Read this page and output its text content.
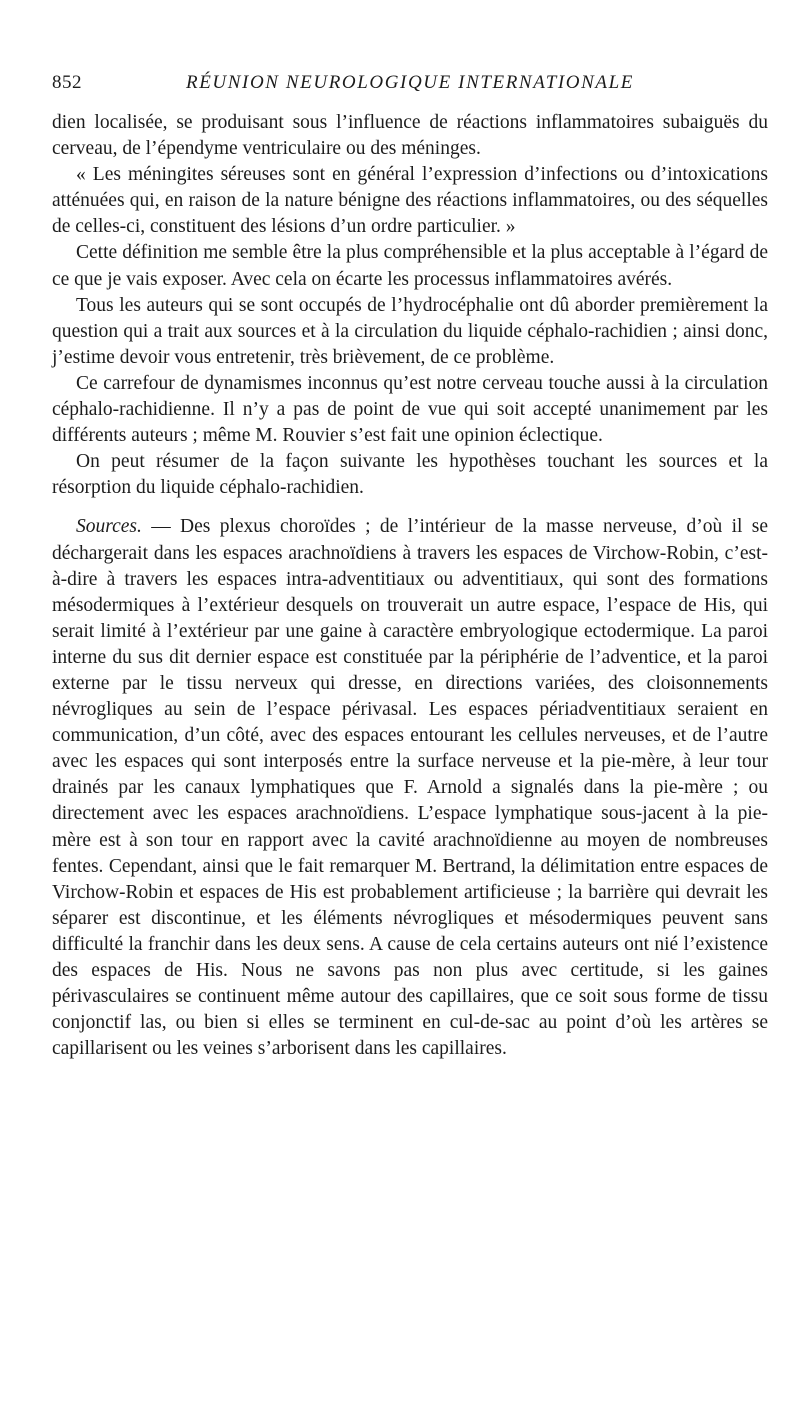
852	RÉUNION NEUROLOGIQUE INTERNATIONALE

dien localisée, se produisant sous l’influence de réactions inflammatoires subaiguës du cerveau, de l’épendyme ventriculaire ou des méninges.

« Les méningites séreuses sont en général l’expression d’infections ou d’intoxications atténuées qui, en raison de la nature bénigne des réactions inflammatoires, ou des séquelles de celles-ci, constituent des lésions d’un ordre particulier. »

Cette définition me semble être la plus compréhensible et la plus acceptable à l’égard de ce que je vais exposer. Avec cela on écarte les processus inflammatoires avérés.

Tous les auteurs qui se sont occupés de l’hydrocéphalie ont dû aborder premièrement la question qui a trait aux sources et à la circulation du liquide céphalo-rachidien ; ainsi donc, j’estime devoir vous entretenir, très brièvement, de ce problème.

Ce carrefour de dynamismes inconnus qu’est notre cerveau touche aussi à la circulation céphalo-rachidienne. Il n’y a pas de point de vue qui soit accepté unanimement par les différents auteurs ; même M. Rouvier s’est fait une opinion éclectique.

On peut résumer de la façon suivante les hypothèses touchant les sources et la résorption du liquide céphalo-rachidien.

Sources. — Des plexus choroïdes ; de l’intérieur de la masse nerveuse, d’où il se déchargerait dans les espaces arachnoïdiens à travers les espaces de Virchow-Robin, c’est-à-dire à travers les espaces intra-adventitiaux ou adventitiaux, qui sont des formations mésodermiques à l’extérieur desquels on trouverait un autre espace, l’espace de His, qui serait limité à l’extérieur par une gaine à caractère embryologique ectodermique. La paroi interne du sus dit dernier espace est constituée par la périphérie de l’adventice, et la paroi externe par le tissu nerveux qui dresse, en directions variées, des cloisonnements névrogliques au sein de l’espace périvasal. Les espaces périadventitiaux seraient en communication, d’un côté, avec des espaces entourant les cellules nerveuses, et de l’autre avec les espaces qui sont interposés entre la surface nerveuse et la pie-mère, à leur tour drainés par les canaux lymphatiques que F. Arnold a signalés dans la pie-mère ; ou directement avec les espaces arachnoïdiens. L’espace lymphatique sous-jacent à la pie-mère est à son tour en rapport avec la cavité arachnoïdienne au moyen de nombreuses fentes. Cependant, ainsi que le fait remarquer M. Bertrand, la délimitation entre espaces de Virchow-Robin et espaces de His est probablement artificieuse ; la barrière qui devrait les séparer est discontinue, et les éléments névrogliques et mésodermiques peuvent sans difficulté la franchir dans les deux sens. A cause de cela certains auteurs ont nié l’existence des espaces de His. Nous ne savons pas non plus avec certitude, si les gaines périvasculaires se continuent même autour des capillaires, que ce soit sous forme de tissu conjonctif las, ou bien si elles se terminent en cul-de-sac au point d’où les artères se capillarisent ou les veines s’arborisent dans les capillaires.
